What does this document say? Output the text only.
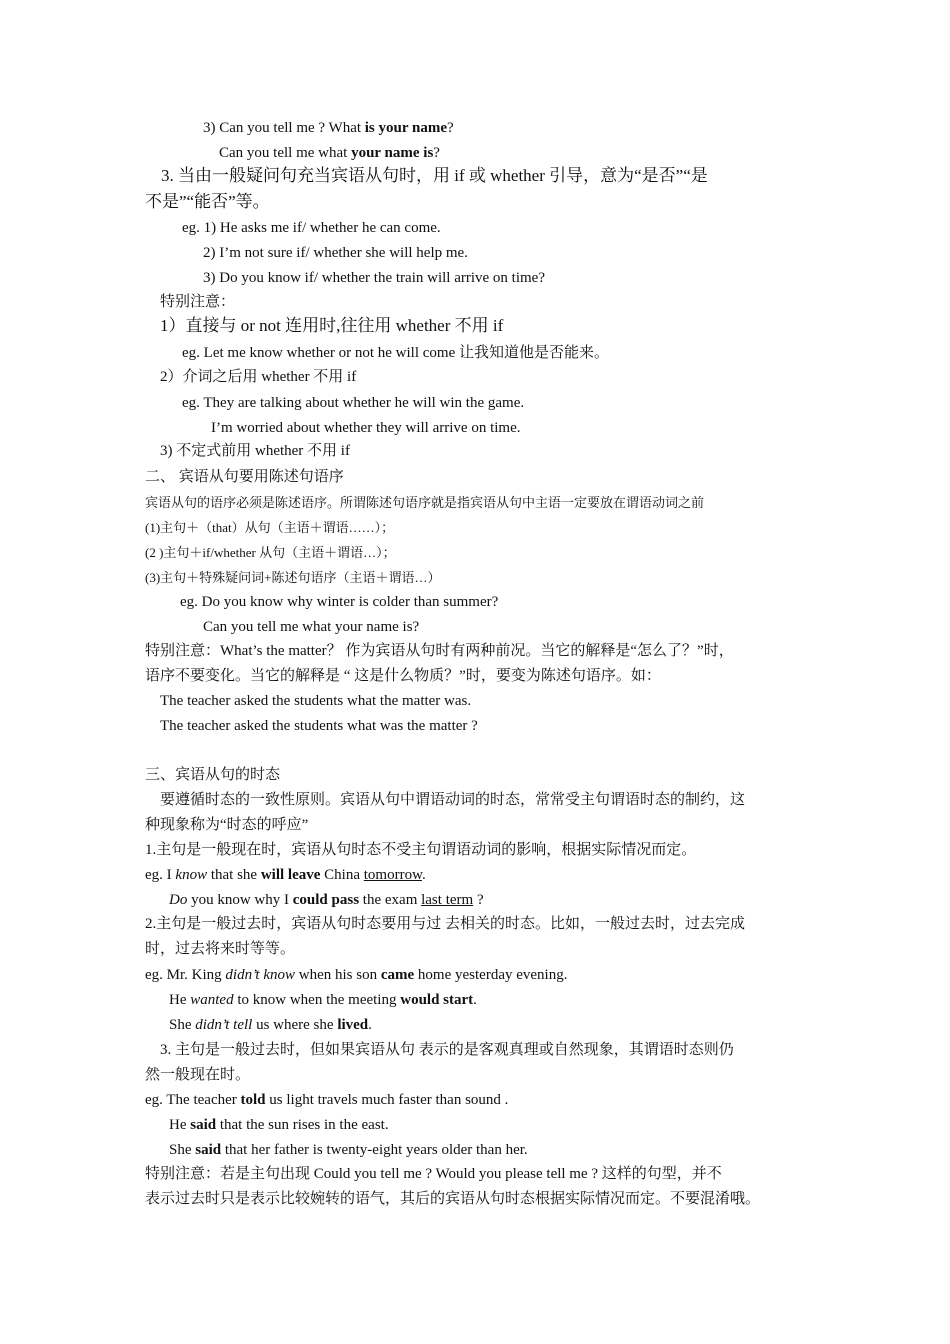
3) Can you tell me ? What is your name?
Can you tell me what your name is?
3. 当由一般疑问句充当宾语从句时，用 if 或 whether 引导，意为“是否”“是
不是”“能否”等。
eg. 1) He asks me if/ whether he can come.
2) I’m not sure if/ whether she will help me.
3) Do you know if/ whether the train will arrive on time?
特别注意：
1）直接与 or not 连用时,往往用 whether 不用 if
eg. Let me know whether or not he will come 让我知道他是否能来。
2）介词之后用 whether 不用 if
eg. They are talking about whether he will win the game.
I’m worried about whether they will arrive on time.
3) 不定式前用 whether 不用 if
二、 宾语从句要用陈述句语序
宾语从句的语序必须是陈述语序。所谓陈述句语序就是指宾语从句中主语一定要放在谓语动词之前
(1)主句＋（that）从句（主语＋谓语……）；
(2 )主句＋if/whether 从句（主语＋谓语…）；
(3)主句＋特殊疑问词+陈述句语序（主语＋谓语…）
eg. Do you know why winter is colder than summer?
Can you tell me what your name is?
特别注意：What’s the matter？ 作为宾语从句时有两种前况。当它的解释是“怎么了？”时，
语序不要变化。当它的解释是 “ 这是什么物质？”时，要变为陈述句语序。如：
The teacher asked the students what the matter was.
The teacher asked the students what was the matter ?
三、宾语从句的时态
要遵循时态的一致性原则。宾语从句中谓语动词的时态，常常受主句谓语时态的制约，这
种现象称为“时态的呼应”
1.主句是一般现在时，宾语从句时态不受主句谓语动词的影响，根据实际情况而定。
eg. I know that she will leave China tomorrow.
Do you know why I could pass the exam last term ?
2.主句是一般过去时，宾语从句时态要用与过 去相关的时态。比如，一般过去时，过去完成
时，过去将来时等等。
eg. Mr. King didn’t know when his son came home yesterday evening.
He wanted to know when the meeting would start.
She didn’t tell us where she lived.
3. 主句是一般过去时，但如果宾语从句 表示的是客观真理或自然现象，其谓语时态则仍
然一般现在时。
eg. The teacher told us light travels much faster than sound .
He said that the sun rises in the east.
She said that her father is twenty-eight years older than her.
特别注意：若是主句出现 Could you tell me ? Would you please tell me ? 这样的句型，并不
表示过去时只是表示比较婉转的语气，其后的宾语从句时态根据实际情况而定。不要混淆哦。
